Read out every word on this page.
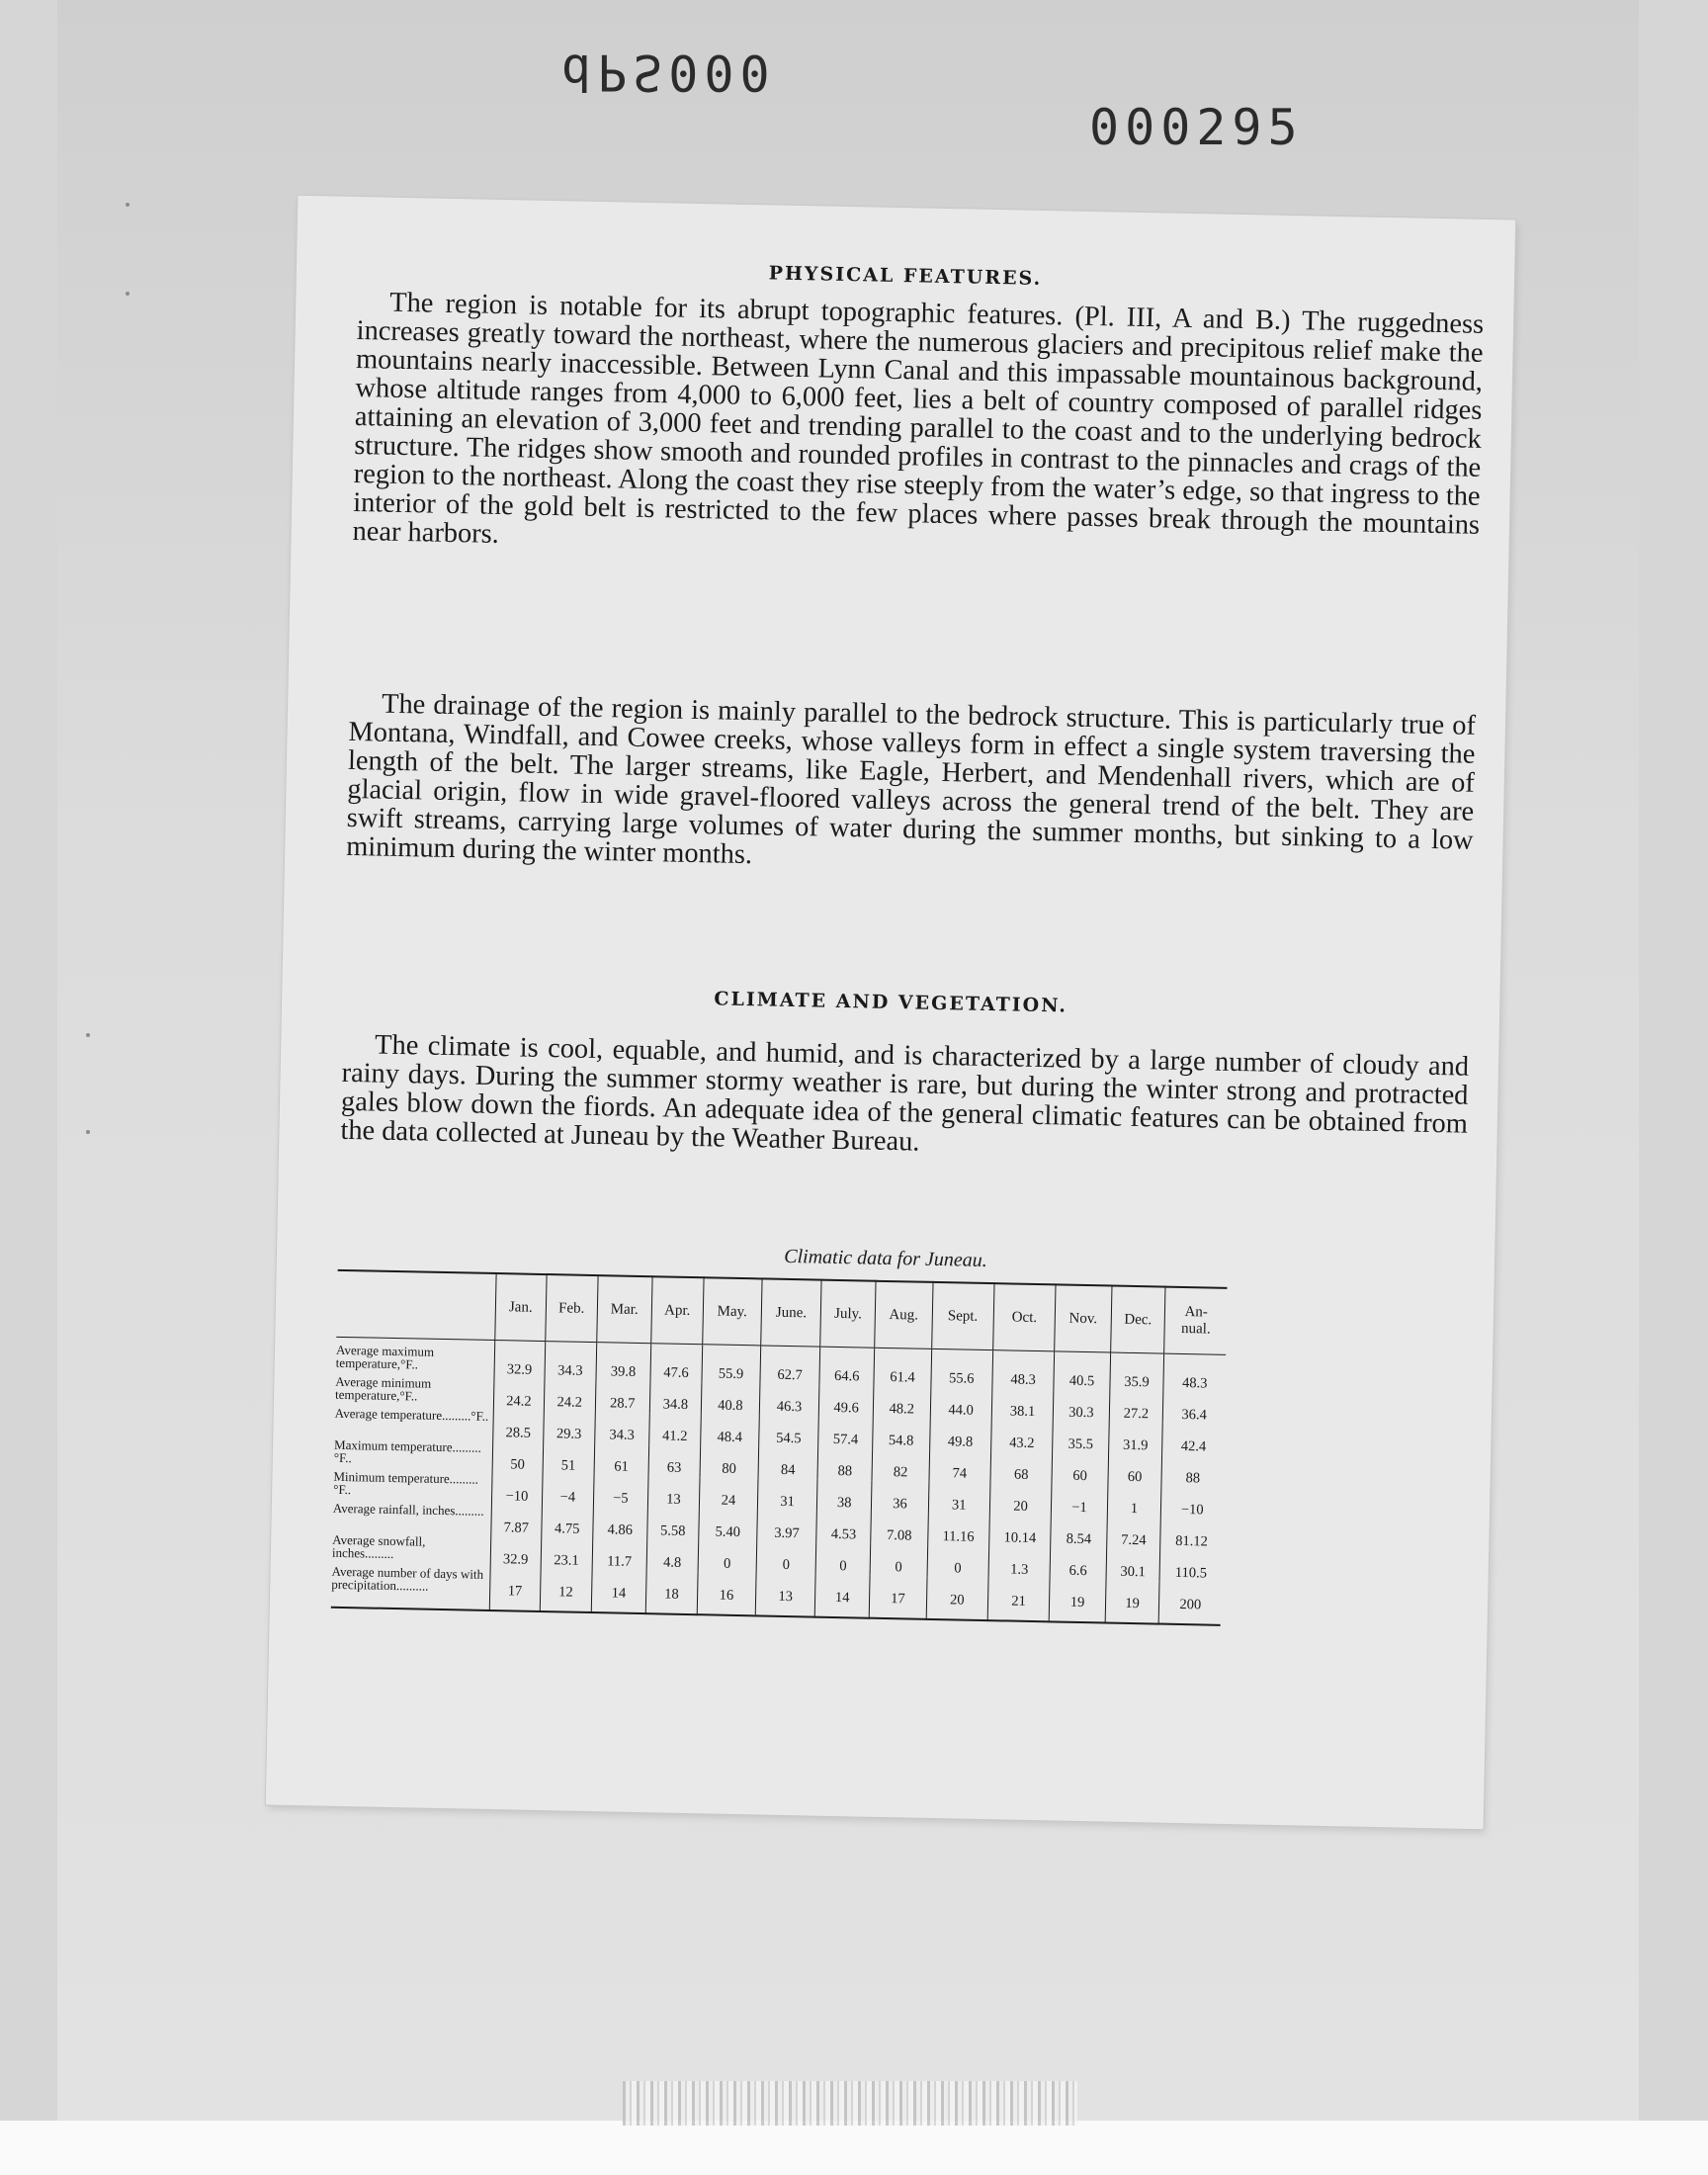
dPS000
000295
PHYSICAL FEATURES.

The region is notable for its abrupt topographic features. (Pl. III, A and B.) The ruggedness increases greatly toward the northeast, where the numerous glaciers and precipitous relief make the mountains nearly inaccessible. Between Lynn Canal and this impassable mountainous background, whose altitude ranges from 4,000 to 6,000 feet, lies a belt of country composed of parallel ridges attaining an elevation of 3,000 feet and trending parallel to the coast and to the underlying bedrock structure. The ridges show smooth and rounded profiles in contrast to the pinnacles and crags of the region to the northeast. Along the coast they rise steeply from the water’s edge, so that ingress to the interior of the gold belt is restricted to the few places where passes break through the mountains near harbors.

The drainage of the region is mainly parallel to the bedrock structure. This is particularly true of Montana, Windfall, and Cowee creeks, whose valleys form in effect a single system traversing the length of the belt. The larger streams, like Eagle, Herbert, and Mendenhall rivers, which are of glacial origin, flow in wide gravel-floored valleys across the general trend of the belt. They are swift streams, carrying large volumes of water during the summer months, but sinking to a low minimum during the winter months.

CLIMATE AND VEGETATION.

The climate is cool, equable, and humid, and is characterized by a large number of cloudy and rainy days. During the summer stormy weather is rare, but during the winter strong and protracted gales blow down the fiords. An adequate idea of the general climatic features can be obtained from the data collected at Juneau by the Weather Bureau.

Climatic data for Juneau.
	Jan.	Feb.	Mar.	Apr.	May.	June.	July.	Aug.	Sept.	Oct.	Nov.	Dec.	An-
nual.
Average maximum temperature,°F..	32.9	34.3	39.8	47.6	55.9	62.7	64.6	61.4	55.6	48.3	40.5	35.9	48.3
Average minimum temperature,°F..	24.2	24.2	28.7	34.8	40.8	46.3	49.6	48.2	44.0	38.1	30.3	27.2	36.4
Average temperature.........°F..	28.5	29.3	34.3	41.2	48.4	54.5	57.4	54.8	49.8	43.2	35.5	31.9	42.4
Maximum temperature.........°F..	50	51	61	63	80	84	88	82	74	68	60	60	88
Minimum temperature.........°F..	−10	−4	−5	13	24	31	38	36	31	20	−1	1	−10
Average rainfall, inches.........	7.87	4.75	4.86	5.58	5.40	3.97	4.53	7.08	11.16	10.14	8.54	7.24	81.12
Average snowfall, inches.........	32.9	23.1	11.7	4.8	0	0	0	0	0	1.3	6.6	30.1	110.5
Average number of days with precipitation..........	17	12	14	18	16	13	14	17	20	21	19	19	200
